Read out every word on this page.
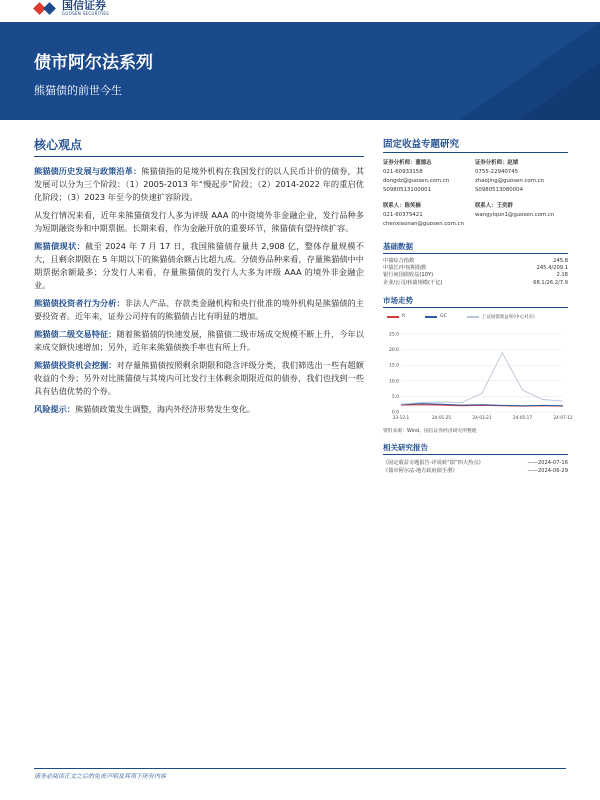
国信证券
GUOSEN SECURITIES
债市阿尔法系列
熊猫债的前世今生
核心观点

熊猫债历史发展与政策沿革：熊猫债指的是境外机构在我国发行的以人民币计价的债券，其发展可以分为三个阶段：（1）2005-2013 年“慢起步”阶段；（2）2014-2022 年的重启优化阶段；（3）2023 年至今的快速扩容阶段。

从发行情况来看，近年来熊猫债发行人多为评级 AAA 的中资境外非金融企业，发行品种多为短期融资券和中期票据。长期来看，作为金融开放的重要环节，熊猫债有望持续扩容。

熊猫债现状：截至 2024 年 7 月 17 日，我国熊猫债存量共 2,908 亿，整体存量规模不大，且剩余期限在 5 年期以下的熊猫债余额占比超九成。分债券品种来看，存量熊猫债中中期票据余额最多；分发行人来看，存量熊猫债的发行人大多为评级 AAA 的境外非金融企业。

熊猫债投资者行为分析：非法人产品、存款类金融机构和央行批准的境外机构是熊猫债的主要投资者。近年来，证券公司持有的熊猫债占比有明显的增加。

熊猫债二级交易特征：随着熊猫债的快速发展，熊猫债二级市场成交规模不断上升，今年以来成交额快速增加；另外，近年来熊猫债换手率也有所上升。

熊猫债投资机会挖掘：对存量熊猫债按照剩余期限和隐含评级分类，我们筛选出一些有超额收益的个券；另外对比熊猫债与其境内可比发行主体剩余期限近似的债券，我们也找到一些具有估值优势的个券。

风险提示：熊猫债政策发生调整，海内外经济形势发生变化。

固定收益专题研究
证券分析师：董德志
021-60933158
dongdz@guosen.com.cn
S0980513100001
证券分析师：赵婧
0755-22940745
zhaojing@guosen.com.cn
S0980513080004
联系人：陈笑楠
021-60375421
chenxiaonan@guosen.com.cn
联系人：王奕群
wangyiqun1@guosen.com.cn
基础数据
中债综合指数	245.8
中债长/中短期指数	245.4/209.1
银行间国债收益(10Y)	2.18
企业/公司/转债规模(千亿)	68.1/26.2/7.9
市场走势
R	GC	上证国债收益率(中心对应)
25.0
20.0
15.0
10.0
5.0
0.0
23-12-1	24-01-25	24-03-21	24-05-17	24-07-12
资料来源：Wind、国信证券经济研究所整理
相关研究报告
《固定收益专题报告-详说转“债”四大热点》	——2024-07-16
《债市阿尔法-地方政府债手册》	——2024-06-29
请务必阅读正文之后的免责声明及其项下所有内容
